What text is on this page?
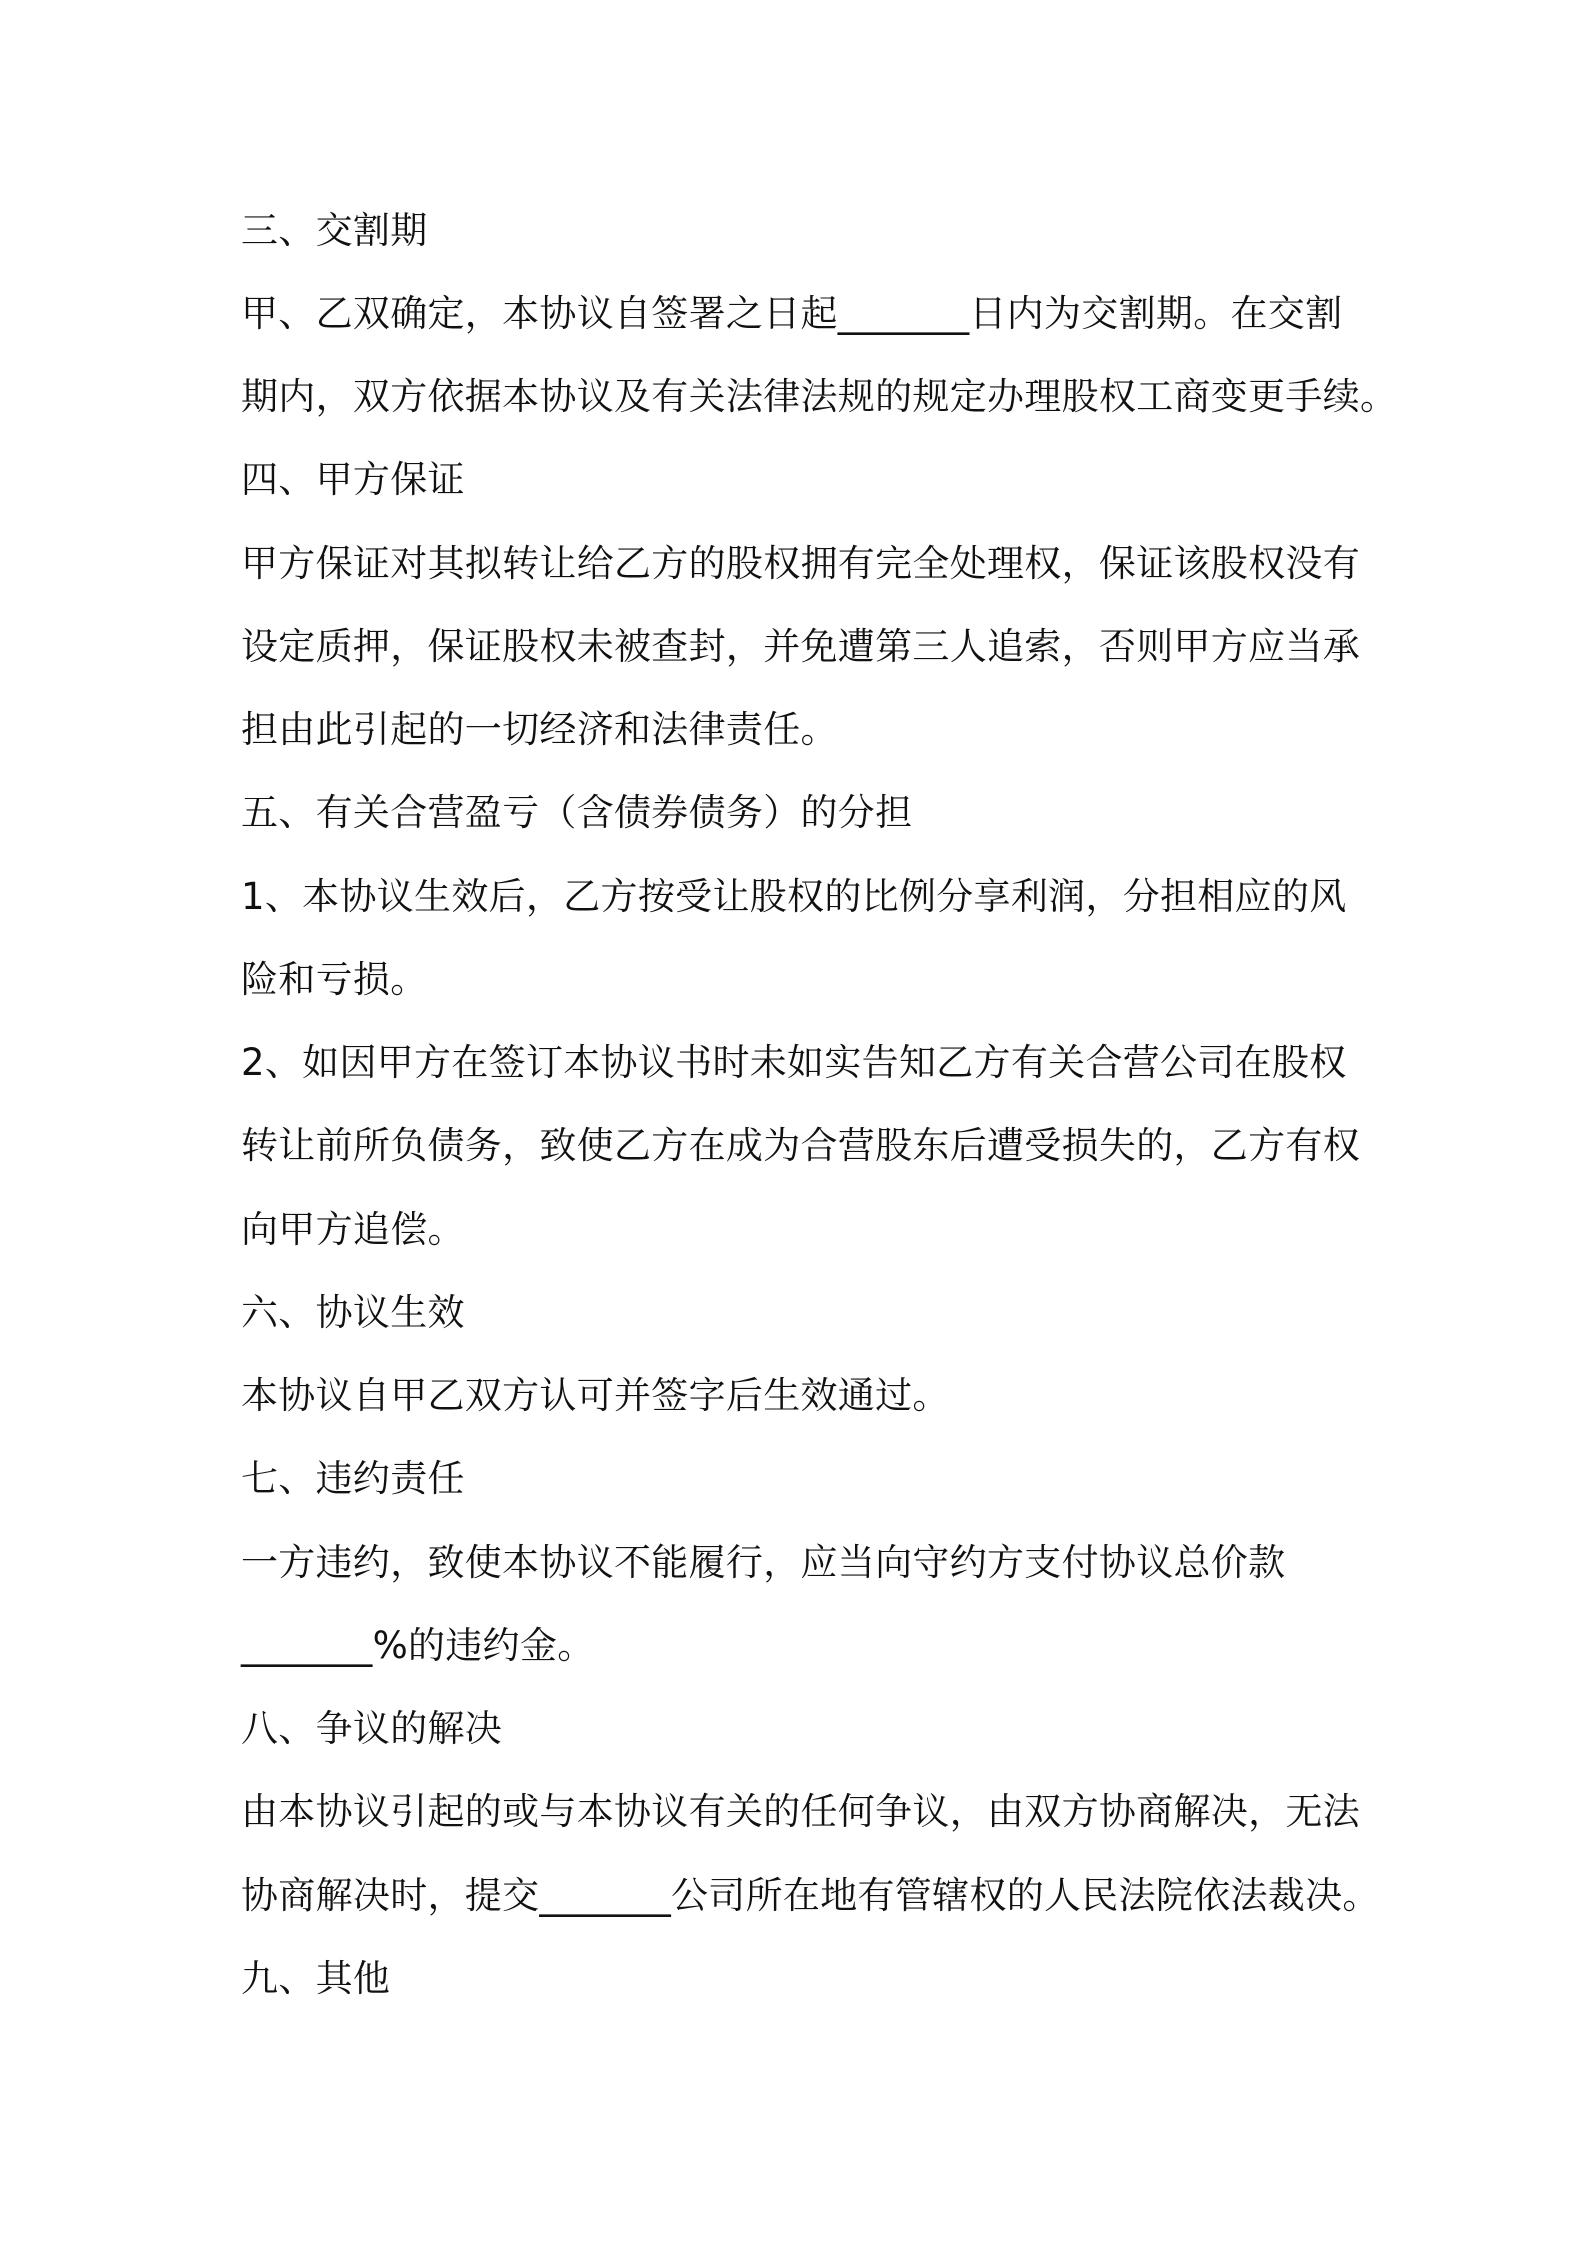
三、交割期
甲、乙双确定，本协议自签署之日起_______日内为交割期。在交割
期内，双方依据本协议及有关法律法规的规定办理股权工商变更手续。
四、甲方保证
甲方保证对其拟转让给乙方的股权拥有完全处理权，保证该股权没有
设定质押，保证股权未被查封，并免遭第三人追索，否则甲方应当承
担由此引起的一切经济和法律责任。
五、有关合营盈亏（含债券债务）的分担
1、本协议生效后，乙方按受让股权的比例分享利润，分担相应的风
险和亏损。
2、如因甲方在签订本协议书时未如实告知乙方有关合营公司在股权
转让前所负债务，致使乙方在成为合营股东后遭受损失的，乙方有权
向甲方追偿。
六、协议生效
本协议自甲乙双方认可并签字后生效通过。
七、违约责任
一方违约，致使本协议不能履行，应当向守约方支付协议总价款
_______%的违约金。
八、争议的解决
由本协议引起的或与本协议有关的任何争议，由双方协商解决，无法
协商解决时，提交_______公司所在地有管辖权的人民法院依法裁决。
九、其他
